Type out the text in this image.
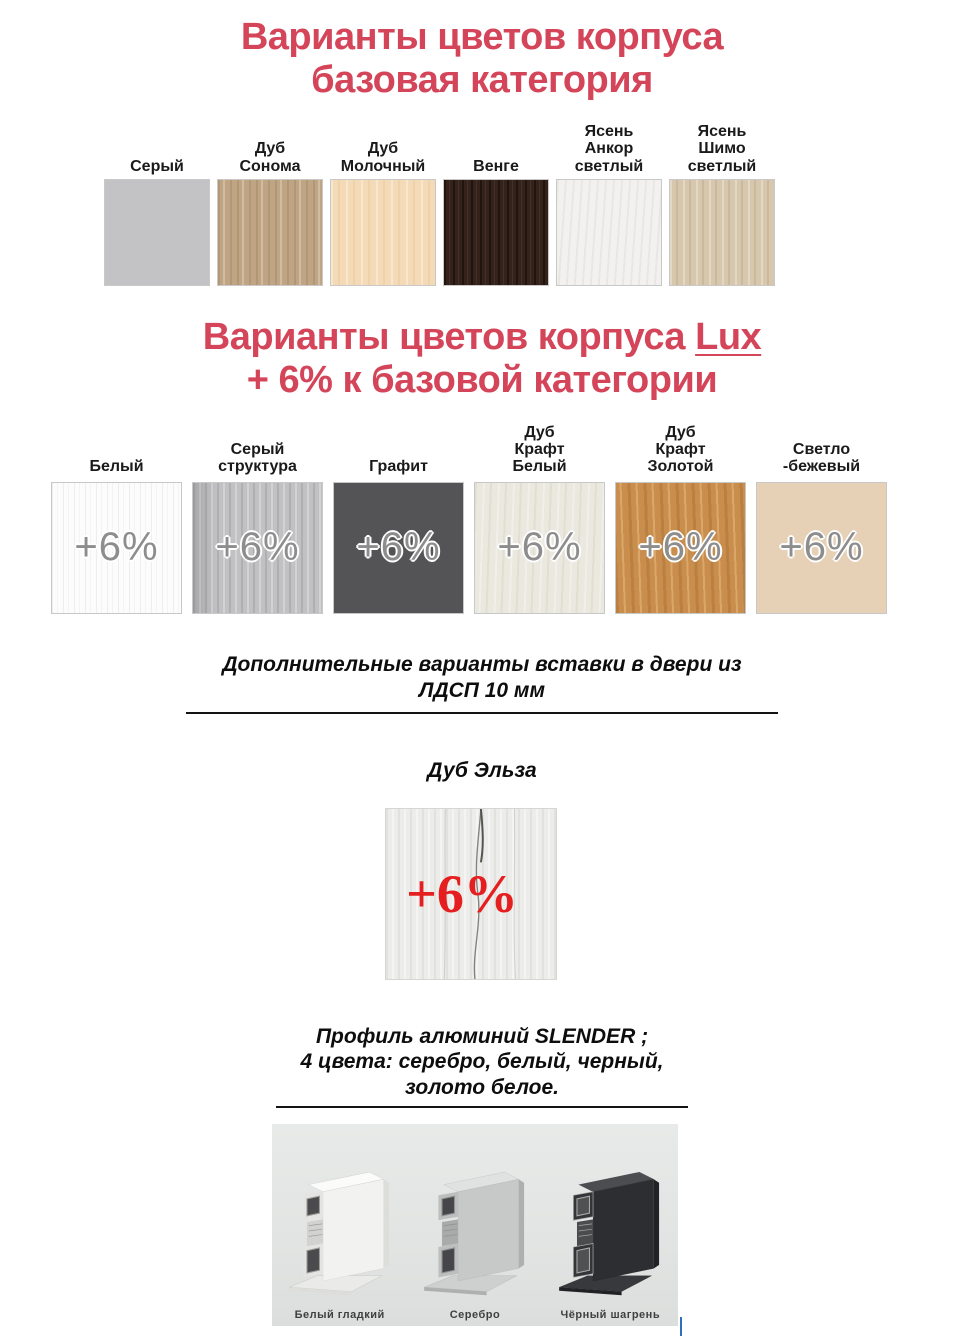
Варианты цветов корпуса
базовая категория
Серый
Дуб Сонома
Дуб Молочный	Венге
Ясень Анкор светлый
Ясень Шимо светлый
Варианты цветов корпуса Lux
+ 6% к базовой категории
Белый
+6%
Серый структура
+6%
Графит
+6%
Дуб Крафт Белый
+6%
Дуб Крафт Золотой
+6%
Светло -бежевый
+6%
Дополнительные варианты вставки в двери из
ЛДСП 10 мм
Дуб Эльза
+6%
Профиль алюминий SLENDER ;
4 цвета: серебро, белый, черный,
золото белое.
Белый гладкий	Серебро	Чёрный шагрень
